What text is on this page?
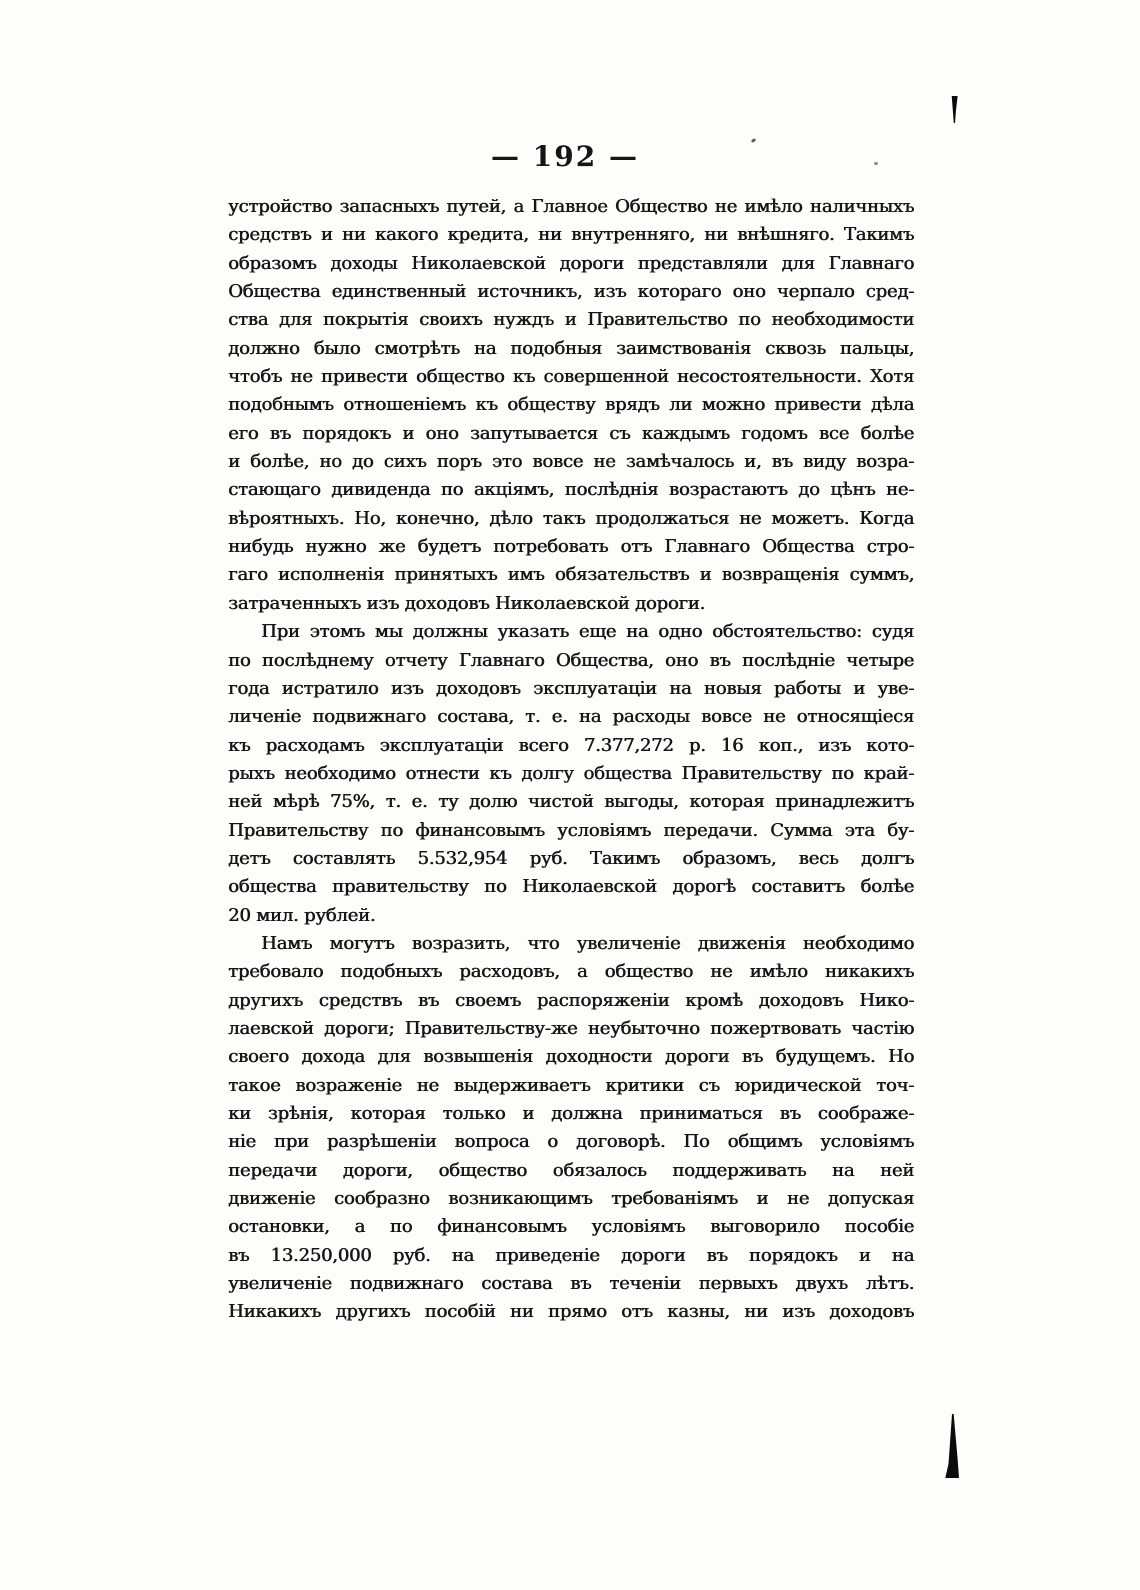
— 192 —
устройство запасныхъ путей, а Главное Общество не имѣло наличныхъ
средствъ и ни какого кредита, ни внутренняго, ни внѣшняго. Такимъ
образомъ доходы Николаевской дороги представляли для Главнаго
Общества единственный источникъ, изъ котораго оно черпало сред-
ства для покрытія своихъ нуждъ и Правительство по необходимости
должно было смотрѣть на подобныя заимствованія сквозь пальцы,
чтобъ не привести общество къ совершенной несостоятельности. Хотя
подобнымъ отношеніемъ къ обществу врядъ ли можно привести дѣла
его въ порядокъ и оно запутывается съ каждымъ годомъ все болѣе
и болѣе, но до сихъ поръ это вовсе не замѣчалось и, въ виду возра-
стающаго дивиденда по акціямъ, послѣднія возрастаютъ до цѣнъ не-
вѣроятныхъ. Но, конечно, дѣло такъ продолжаться не можетъ. Когда
нибудь нужно же будетъ потребовать отъ Главнаго Общества стро-
гаго исполненія принятыхъ имъ обязательствъ и возвращенія суммъ,
затраченныхъ изъ доходовъ Николаевской дороги.
При этомъ мы должны указать еще на одно обстоятельство: судя
по послѣднему отчету Главнаго Общества, оно въ послѣдніе четыре
года истратило изъ доходовъ эксплуатаціи на новыя работы и уве-
личеніе подвижнаго состава, т. е. на расходы вовсе не относящіеся
къ расходамъ эксплуатаціи всего 7.377,272 р. 16 коп., изъ кото-
рыхъ необходимо отнести къ долгу общества Правительству по край-
ней мѣрѣ 75%, т. е. ту долю чистой выгоды, которая принадлежитъ
Правительству по финансовымъ условіямъ передачи. Сумма эта бу-
детъ составлять 5.532,954 руб. Такимъ образомъ, весь долгъ
общества правительству по Николаевской дорогѣ составитъ болѣе
20 мил. рублей.
Намъ могутъ возразить, что увеличеніе движенія необходимо
требовало подобныхъ расходовъ, а общество не имѣло никакихъ
другихъ средствъ въ своемъ распоряженіи кромѣ доходовъ Нико-
лаевской дороги; Правительству-же неубыточно пожертвовать частію
своего дохода для возвышенія доходности дороги въ будущемъ. Но
такое возраженіе не выдерживаетъ критики съ юридической точ-
ки зрѣнія, которая только и должна приниматься въ соображе-
ніе при разрѣшеніи вопроса о договорѣ. По общимъ условіямъ
передачи дороги, общество обязалось поддерживать на ней
движеніе сообразно возникающимъ требованіямъ и не допуская
остановки, а по финансовымъ условіямъ выговорило пособіе
въ 13.250,000 руб. на приведеніе дороги въ порядокъ и на
увеличеніе подвижнаго состава въ теченіи первыхъ двухъ лѣтъ.
Никакихъ другихъ пособій ни прямо отъ казны, ни изъ доходовъ
